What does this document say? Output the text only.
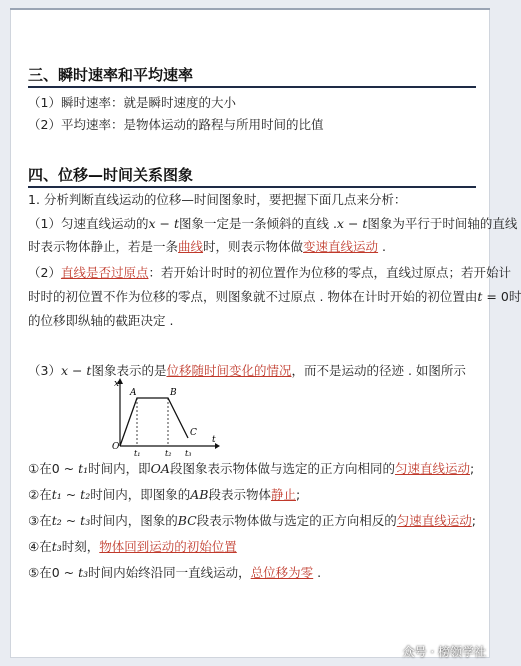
三、瞬时速率和平均速率
（1）瞬时速率：就是瞬时速度的大小
（2）平均速率：是物体运动的路程与所用时间的比值
四、位移—时间关系图象
1. 分析判断直线运动的位移—时间图象时，要把握下面几点来分析：
（1）匀速直线运动的x − t图象一定是一条倾斜的直线 .x − t图象为平行于时间轴的直线
时表示物体静止，若是一条曲线时，则表示物体做变速直线运动 .
（2）直线是否过原点：若开始计时时的初位置作为位移的零点，直线过原点；若开始计
时时的初位置不作为位移的零点，则图象就不过原点 . 物体在计时开始的初位置由t = 0时
的位移即纵轴的截距决定 .
（3）x − t图象表示的是位移随时间变化的情况，而不是运动的径迹 . 如图所示
x
t
O
A	B
C
t₁	t₂ t₃
①在0 ~ t₁时间内，即OA段图象表示物体做与选定的正方向相同的匀速直线运动;
②在t₁ ~ t₂时间内，即图象的AB段表示物体静止;
③在t₂ ~ t₃时间内，图象的BC段表示物体做与选定的正方向相反的匀速直线运动;
④在t₃时刻，物体回到运动的初始位置
⑤在0 ~ t₃时间内始终沿同一直线运动，总位移为零 .
众号 · 榜领学社
